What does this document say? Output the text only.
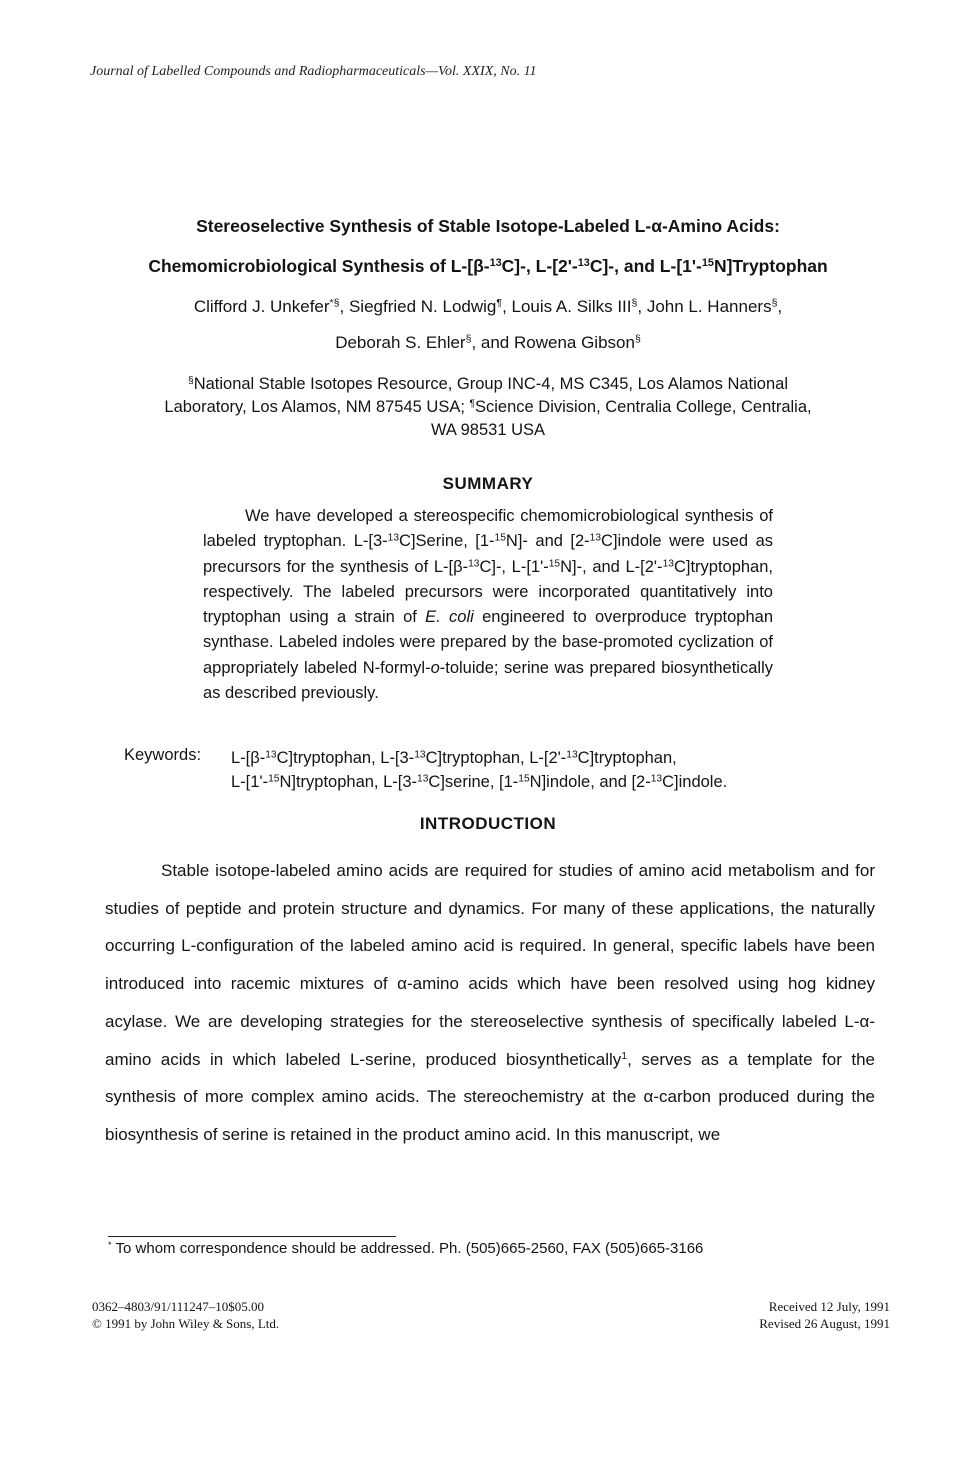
Journal of Labelled Compounds and Radiopharmaceuticals—Vol. XXIX, No. 11
Stereoselective Synthesis of Stable Isotope-Labeled L-α-Amino Acids:
Chemomicrobiological Synthesis of L-[β-$^{13}$C]-, L-[2'-$^{13}$C]-, and L-[1'-$^{15}$N]Tryptophan
Clifford J. Unkefer*§, Siegfried N. Lodwig¶, Louis A. Silks III§, John L. Hanners§,
Deborah S. Ehler§, and Rowena Gibson§
§National Stable Isotopes Resource, Group INC-4, MS C345, Los Alamos National
Laboratory, Los Alamos, NM 87545 USA; ¶Science Division, Centralia College, Centralia,
WA 98531 USA
SUMMARY

We have developed a stereospecific chemomicrobiological synthesis of labeled tryptophan. L-[3-$^{13}$C]Serine, [1-$^{15}$N]- and [2-$^{13}$C]indole were used as precursors for the synthesis of L-[β-$^{13}$C]-, L-[1'-$^{15}$N]-, and L-[2'-$^{13}$C]tryptophan, respectively. The labeled precursors were incorporated quantitatively into tryptophan using a strain of E. coli engineered to overproduce tryptophan synthase. Labeled indoles were prepared by the base-promoted cyclization of appropriately labeled N-formyl-o-toluide; serine was prepared biosynthetically as described previously.

Keywords: L-[β-$^{13}$C]tryptophan, L-[3-$^{13}$C]tryptophan, L-[2'-$^{13}$C]tryptophan,
L-[1'-$^{15}$N]tryptophan, L-[3-$^{13}$C]serine, [1-$^{15}$N]indole, and [2-$^{13}$C]indole.
INTRODUCTION

Stable isotope-labeled amino acids are required for studies of amino acid metabolism and for studies of peptide and protein structure and dynamics. For many of these applications, the naturally occurring L-configuration of the labeled amino acid is required. In general, specific labels have been introduced into racemic mixtures of α-amino acids which have been resolved using hog kidney acylase. We are developing strategies for the stereoselective synthesis of specifically labeled L-α-amino acids in which labeled L-serine, produced biosynthetically$^1$, serves as a template for the synthesis of more complex amino acids. The stereochemistry at the α-carbon produced during the biosynthesis of serine is retained in the product amino acid. In this manuscript, we

* To whom correspondence should be addressed. Ph. (505)665-2560, FAX (505)665-3166
0362–4803/91/111247–10$05.00
© 1991 by John Wiley & Sons, Ltd.
Received 12 July, 1991
Revised 26 August, 1991
